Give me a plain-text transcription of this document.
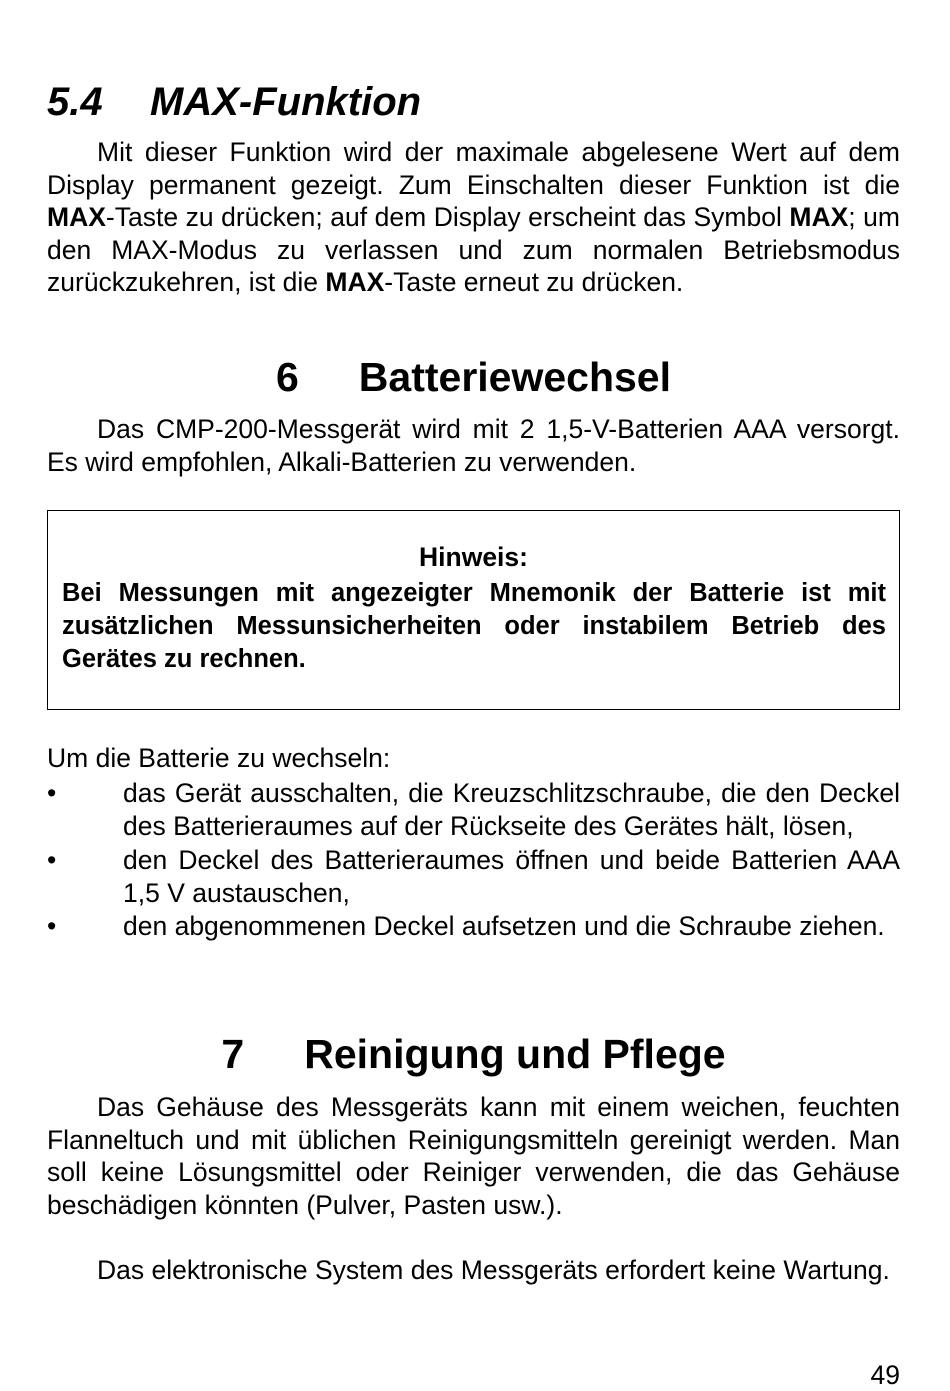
5.4 MAX-Funktion

Mit dieser Funktion wird der maximale abgelesene Wert auf dem Display permanent gezeigt. Zum Einschalten dieser Funktion ist die MAX-Taste zu drücken; auf dem Display erscheint das Symbol MAX; um den MAX-Modus zu verlassen und zum normalen Betriebsmodus zurückzukehren, ist die MAX-Taste erneut zu drücken.

6 Batteriewechsel

Das CMP-200-Messgerät wird mit 2 1,5-V-Batterien AAA versorgt. Es wird empfohlen, Alkali-Batterien zu verwenden.

Hinweis:

Bei Messungen mit angezeigter Mnemonik der Batterie ist mit zusätzlichen Messunsicherheiten oder instabilem Betrieb des Gerätes zu rechnen.

Um die Batterie zu wechseln:

•	das Gerät ausschalten, die Kreuzschlitzschraube, die den Deckel des Batterieraumes auf der Rückseite des Gerätes hält, lösen,
•	den Deckel des Batterieraumes öffnen und beide Batterien AAA 1,5 V austauschen,
•	den abgenommenen Deckel aufsetzen und die Schraube ziehen.
7 Reinigung und Pflege

Das Gehäuse des Messgeräts kann mit einem weichen, feuchten Flanneltuch und mit üblichen Reinigungsmitteln gereinigt werden. Man soll keine Lösungsmittel oder Reiniger verwenden, die das Gehäuse beschädigen könnten (Pulver, Pasten usw.).

Das elektronische System des Messgeräts erfordert keine Wartung.

49
